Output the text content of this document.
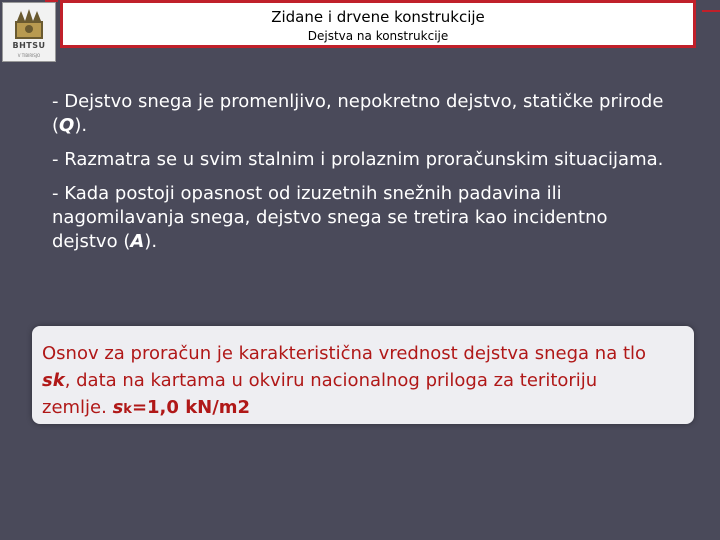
BHTSU
V TIBIRISJO
Zidane i drvene konstrukcije
Dejstva na konstrukcije

- Dejstvo snega je promenljivo, nepokretno dejstvo, statičke prirode (Q).

- Razmatra se u svim stalnim i prolaznim proračunskim situacijama.

- Kada postoji opasnost od izuzetnih snežnih padavina ili nagomilavanja snega, dejstvo snega se tretira kao incidentno dejstvo (A).

Osnov za proračun je karakteristična vrednost dejstva snega na tlo
sk, data na kartama u okviru nacionalnog priloga za teritoriju
zemlje. sk=1,0 kN/m2
